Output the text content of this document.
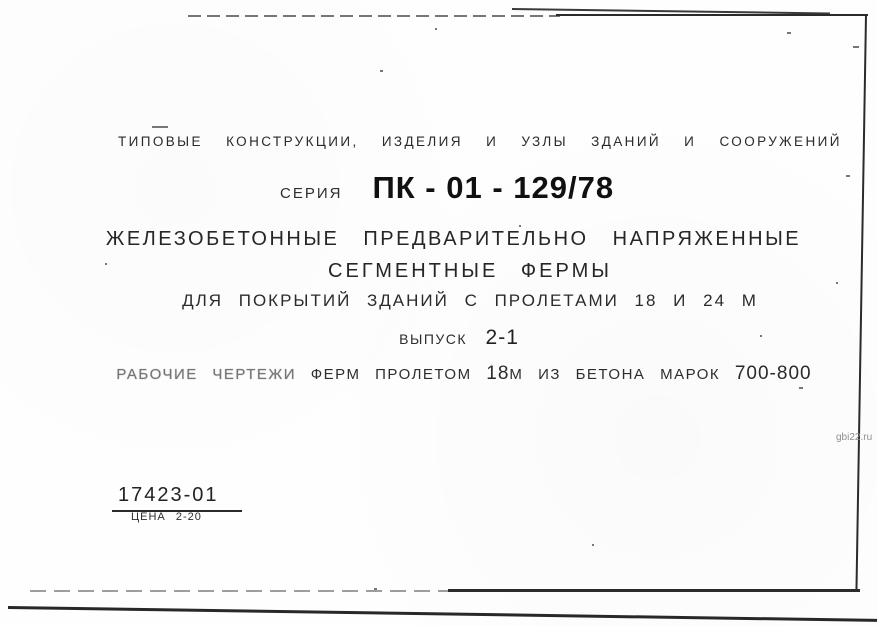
ТИПОВЫЕ КОНСТРУКЦИИ, ИЗДЕЛИЯ И УЗЛЫ ЗДАНИЙ И СООРУЖЕНИЙ
СЕРИЯ ПК - 01 - 129/78
ЖЕЛЕЗОБЕТОННЫЕ ПРЕДВАРИТЕЛЬНО НАПРЯЖЕННЫЕ
СЕГМЕНТНЫЕ ФЕРМЫ
ДЛЯ ПОКРЫТИЙ ЗДАНИЙ С ПРОЛЕТАМИ 18 И 24 М
ВЫПУСК 2-1
РАБОЧИЕ ЧЕРТЕЖИ ФЕРМ ПРОЛЕТОМ 18М ИЗ БЕТОНА МАРОК 700-800
17423-01
ЦЕНА 2-20
gbi22.ru
